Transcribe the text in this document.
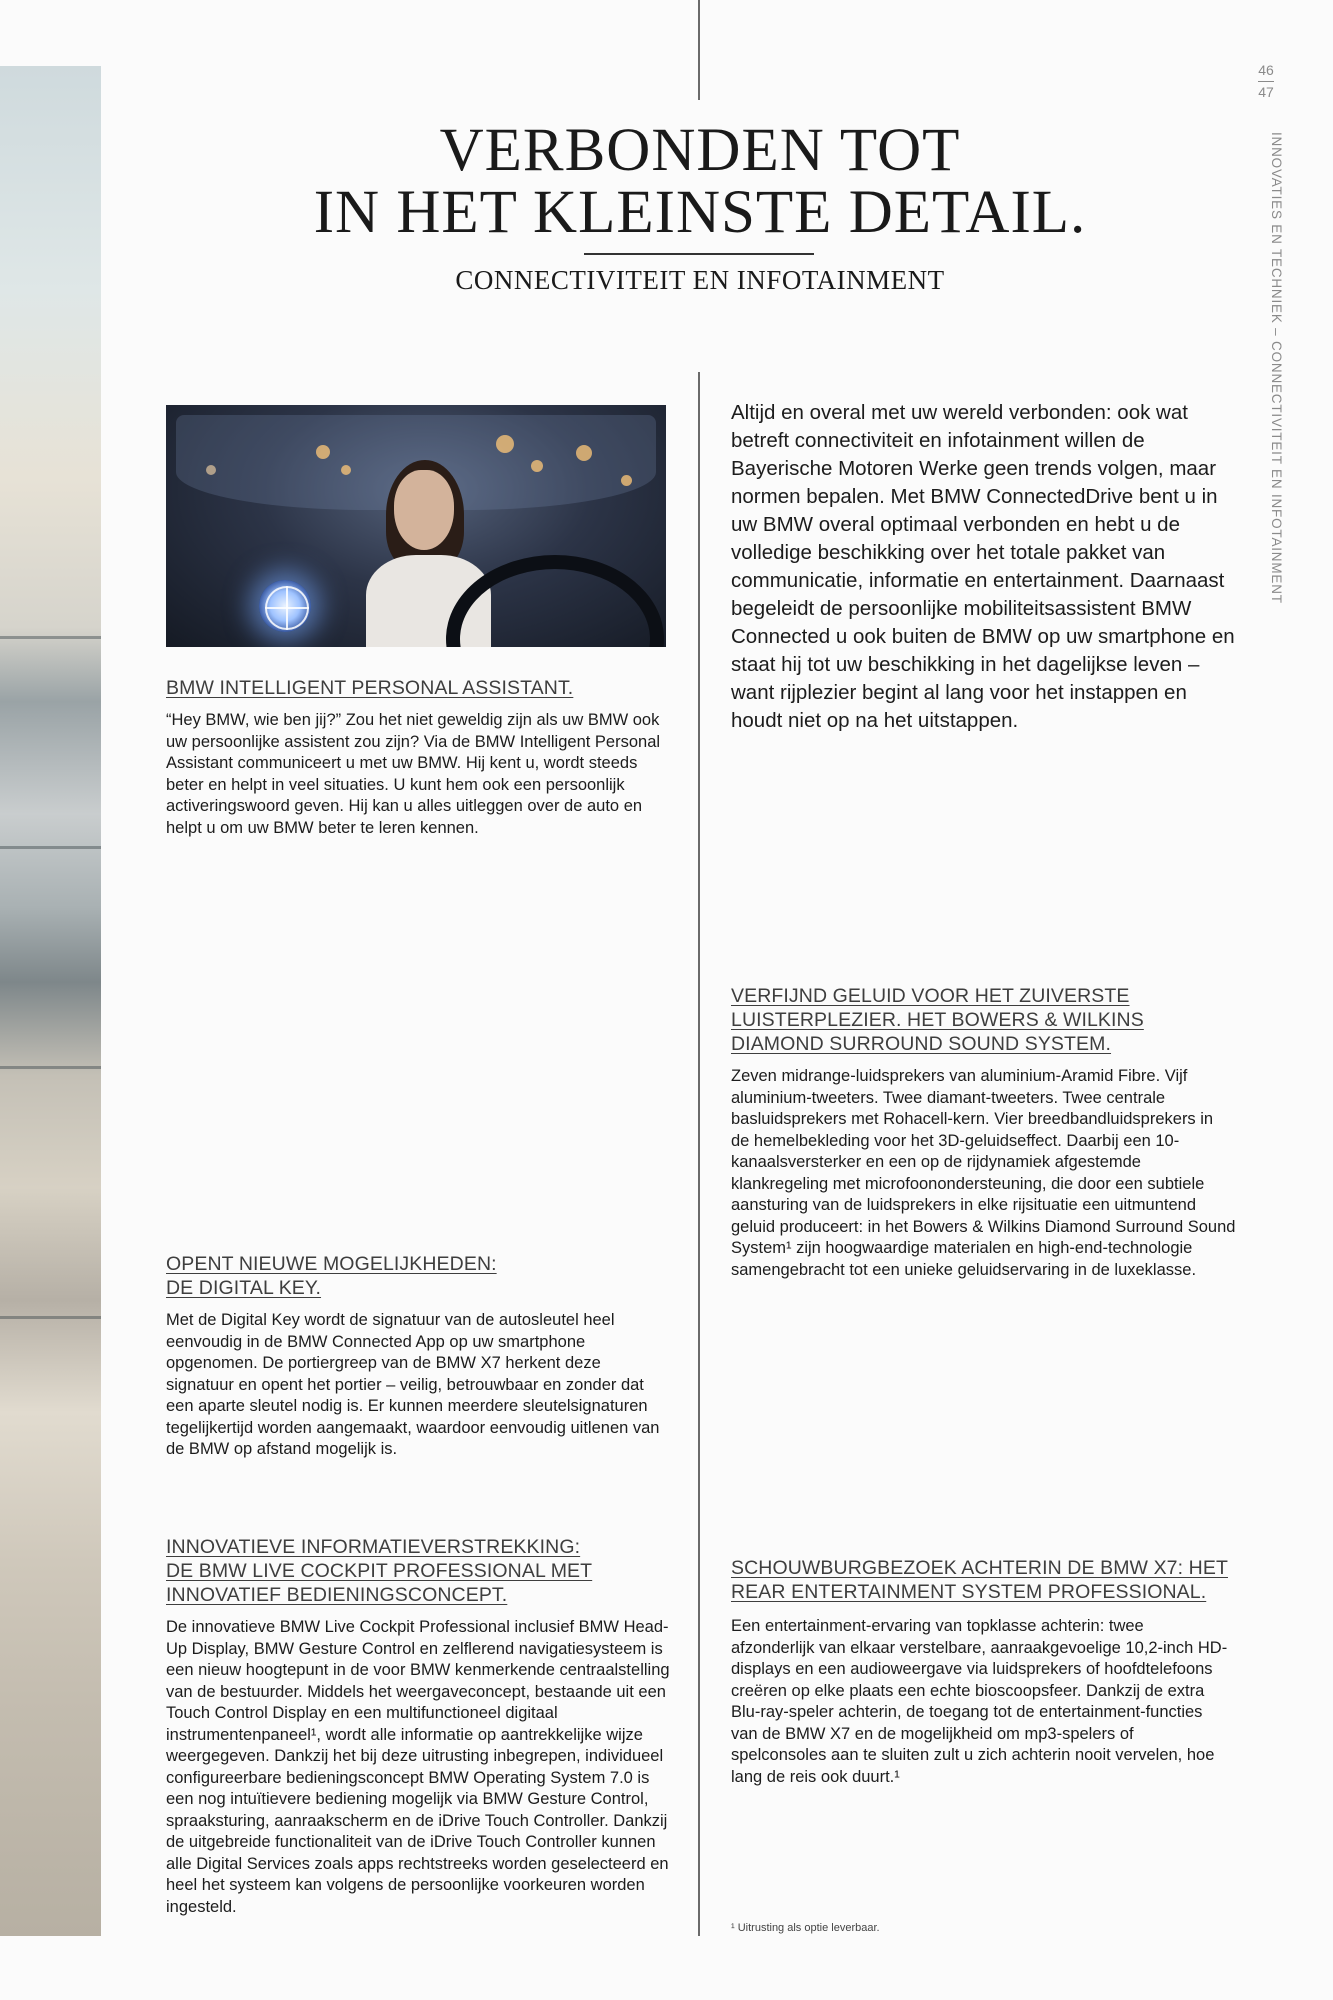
46
47
INNOVATIES EN TECHNIEK – CONNECTIVITEIT EN INFOTAINMENT
VERBONDEN TOT
IN HET KLEINSTE DETAIL.
CONNECTIVITEIT EN INFOTAINMENT
Altijd en overal met uw wereld verbonden: ook wat betreft connectiviteit en infotainment willen de Bayerische Motoren Werke geen trends volgen, maar normen bepalen. Met BMW ConnectedDrive bent u in uw BMW overal optimaal verbonden en hebt u de volledige beschikking over het totale pakket van communicatie, informatie en entertainment. Daarnaast begeleidt de persoonlijke mobiliteitsassistent BMW Connected u ook buiten de BMW op uw smartphone en staat hij tot uw beschikking in het dagelijkse leven – want rijplezier begint al lang voor het instappen en houdt niet op na het uitstappen.
BMW INTELLIGENT PERSONAL ASSISTANT.
“Hey BMW, wie ben jij?” Zou het niet geweldig zijn als uw BMW ook uw persoonlijke assistent zou zijn? Via de BMW Intelligent Personal Assistant communiceert u met uw BMW. Hij kent u, wordt steeds beter en helpt in veel situaties. U kunt hem ook een persoonlijk activeringswoord geven. Hij kan u alles uitleggen over de auto en helpt u om uw BMW beter te leren kennen.
VERFIJND GELUID VOOR HET ZUIVERSTE LUISTERPLEZIER. HET BOWERS & WILKINS DIAMOND SURROUND SOUND SYSTEM.
Zeven midrange-luidsprekers van aluminium-Aramid Fibre. Vijf aluminium-tweeters. Twee diamant-tweeters. Twee centrale basluidsprekers met Rohacell-kern. Vier breedbandluidsprekers in de hemelbekleding voor het 3D-geluidseffect. Daarbij een 10-kanaalsversterker en een op de rijdynamiek afgestemde klankregeling met microfoonondersteuning, die door een subtiele aansturing van de luidsprekers in elke rijsituatie een uitmuntend geluid produceert: in het Bowers & Wilkins Diamond Surround Sound System¹ zijn hoogwaardige materialen en high-end-technologie samengebracht tot een unieke geluidservaring in de luxeklasse.
OPENT NIEUWE MOGELIJKHEDEN: DE DIGITAL KEY.
Met de Digital Key wordt de signatuur van de autosleutel heel eenvoudig in de BMW Connected App op uw smartphone opgenomen. De portiergreep van de BMW X7 herkent deze signatuur en opent het portier – veilig, betrouwbaar en zonder dat een aparte sleutel nodig is. Er kunnen meerdere sleutelsignaturen tegelijkertijd worden aangemaakt, waardoor eenvoudig uitlenen van de BMW op afstand mogelijk is.
INNOVATIEVE INFORMATIEVERSTREKKING: DE BMW LIVE COCKPIT PROFESSIONAL MET INNOVATIEF BEDIENINGSCONCEPT.
De innovatieve BMW Live Cockpit Professional inclusief BMW Head-Up Display, BMW Gesture Control en zelflerend navigatiesysteem is een nieuw hoogtepunt in de voor BMW kenmerkende centraalstelling van de bestuurder. Middels het weergaveconcept, bestaande uit een Touch Control Display en een multifunctioneel digitaal instrumentenpaneel¹, wordt alle informatie op aantrekkelijke wijze weergegeven. Dankzij het bij deze uitrusting inbegrepen, individueel configureerbare bedieningsconcept BMW Operating System 7.0 is een nog intuïtievere bediening mogelijk via BMW Gesture Control, spraaksturing, aanraakscherm en de iDrive Touch Controller. Dankzij de uitgebreide functionaliteit van de iDrive Touch Controller kunnen alle Digital Services zoals apps rechtstreeks worden geselecteerd en heel het systeem kan volgens de persoonlijke voorkeuren worden ingesteld.
SCHOUWBURGBEZOEK ACHTERIN DE BMW X7: HET REAR ENTERTAINMENT SYSTEM PROFESSIONAL.
Een entertainment-ervaring van topklasse achterin: twee afzonderlijk van elkaar verstelbare, aanraakgevoelige 10,2-inch HD-displays en een audioweergave via luidsprekers of hoofdtelefoons creëren op elke plaats een echte bioscoopsfeer. Dankzij de extra Blu-ray-speler achterin, de toegang tot de entertainment-functies van de BMW X7 en de mogelijkheid om mp3-spelers of spelconsoles aan te sluiten zult u zich achterin nooit vervelen, hoe lang de reis ook duurt.¹
¹ Uitrusting als optie leverbaar.
